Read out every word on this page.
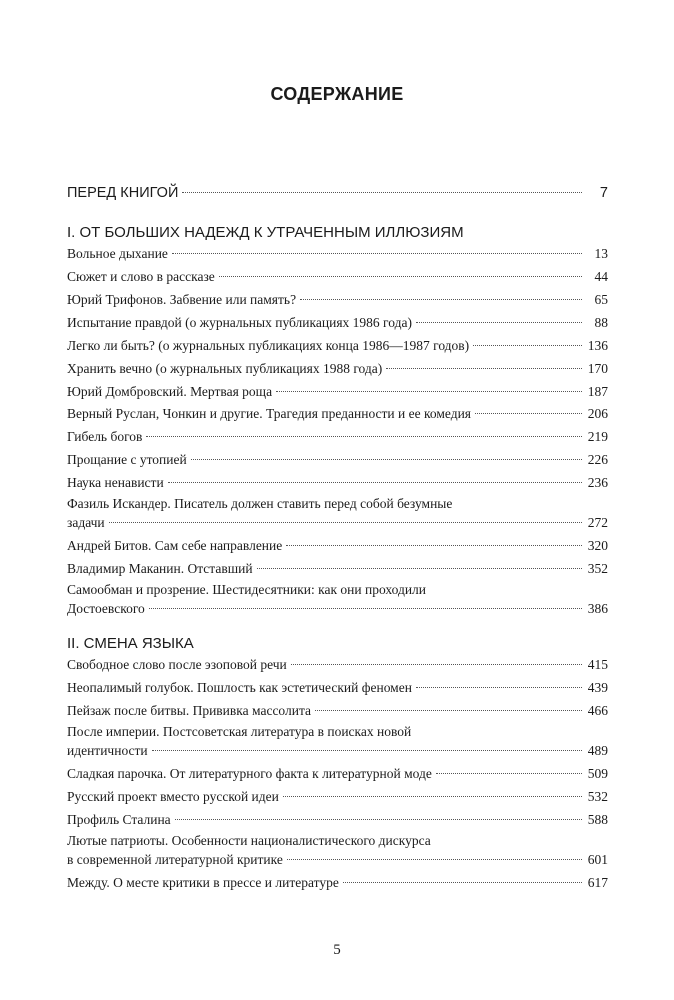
СОДЕРЖАНИЕ
ПЕРЕД КНИГОЙ	7
I. ОТ БОЛЬШИХ НАДЕЖД К УТРАЧЕННЫМ ИЛЛЮЗИЯМ
Вольное дыхание	13
Сюжет и слово в рассказе	44
Юрий Трифонов. Забвение или память?	65
Испытание правдой (о журнальных публикациях 1986 года)	88
Легко ли быть? (о журнальных публикациях конца 1986—1987 годов)	136
Хранить вечно (о журнальных публикациях 1988 года)	170
Юрий Домбровский. Мертвая роща	187
Верный Руслан, Чонкин и другие. Трагедия преданности и ее комедия	206
Гибель богов	219
Прощание с утопией	226
Наука ненависти	236
Фазиль Искандер. Писатель должен ставить перед собой безумные
задачи	272
Андрей Битов. Сам себе направление	320
Владимир Маканин. Отставший	352
Самообман и прозрение. Шестидесятники: как они проходили
Достоевского	386
II. СМЕНА ЯЗЫКА
Свободное слово после эзоповой речи	415
Неопалимый голубок. Пошлость как эстетический феномен	439
Пейзаж после битвы. Прививка массолита	466
После империи. Постсоветская литература в поисках новой
идентичности	489
Сладкая парочка. От литературного факта к литературной моде	509
Русский проект вместо русской идеи	532
Профиль Сталина	588
Лютые патриоты. Особенности националистического дискурса
в современной литературной критике	601
Между. О месте критики в прессе и литературе	617
5
